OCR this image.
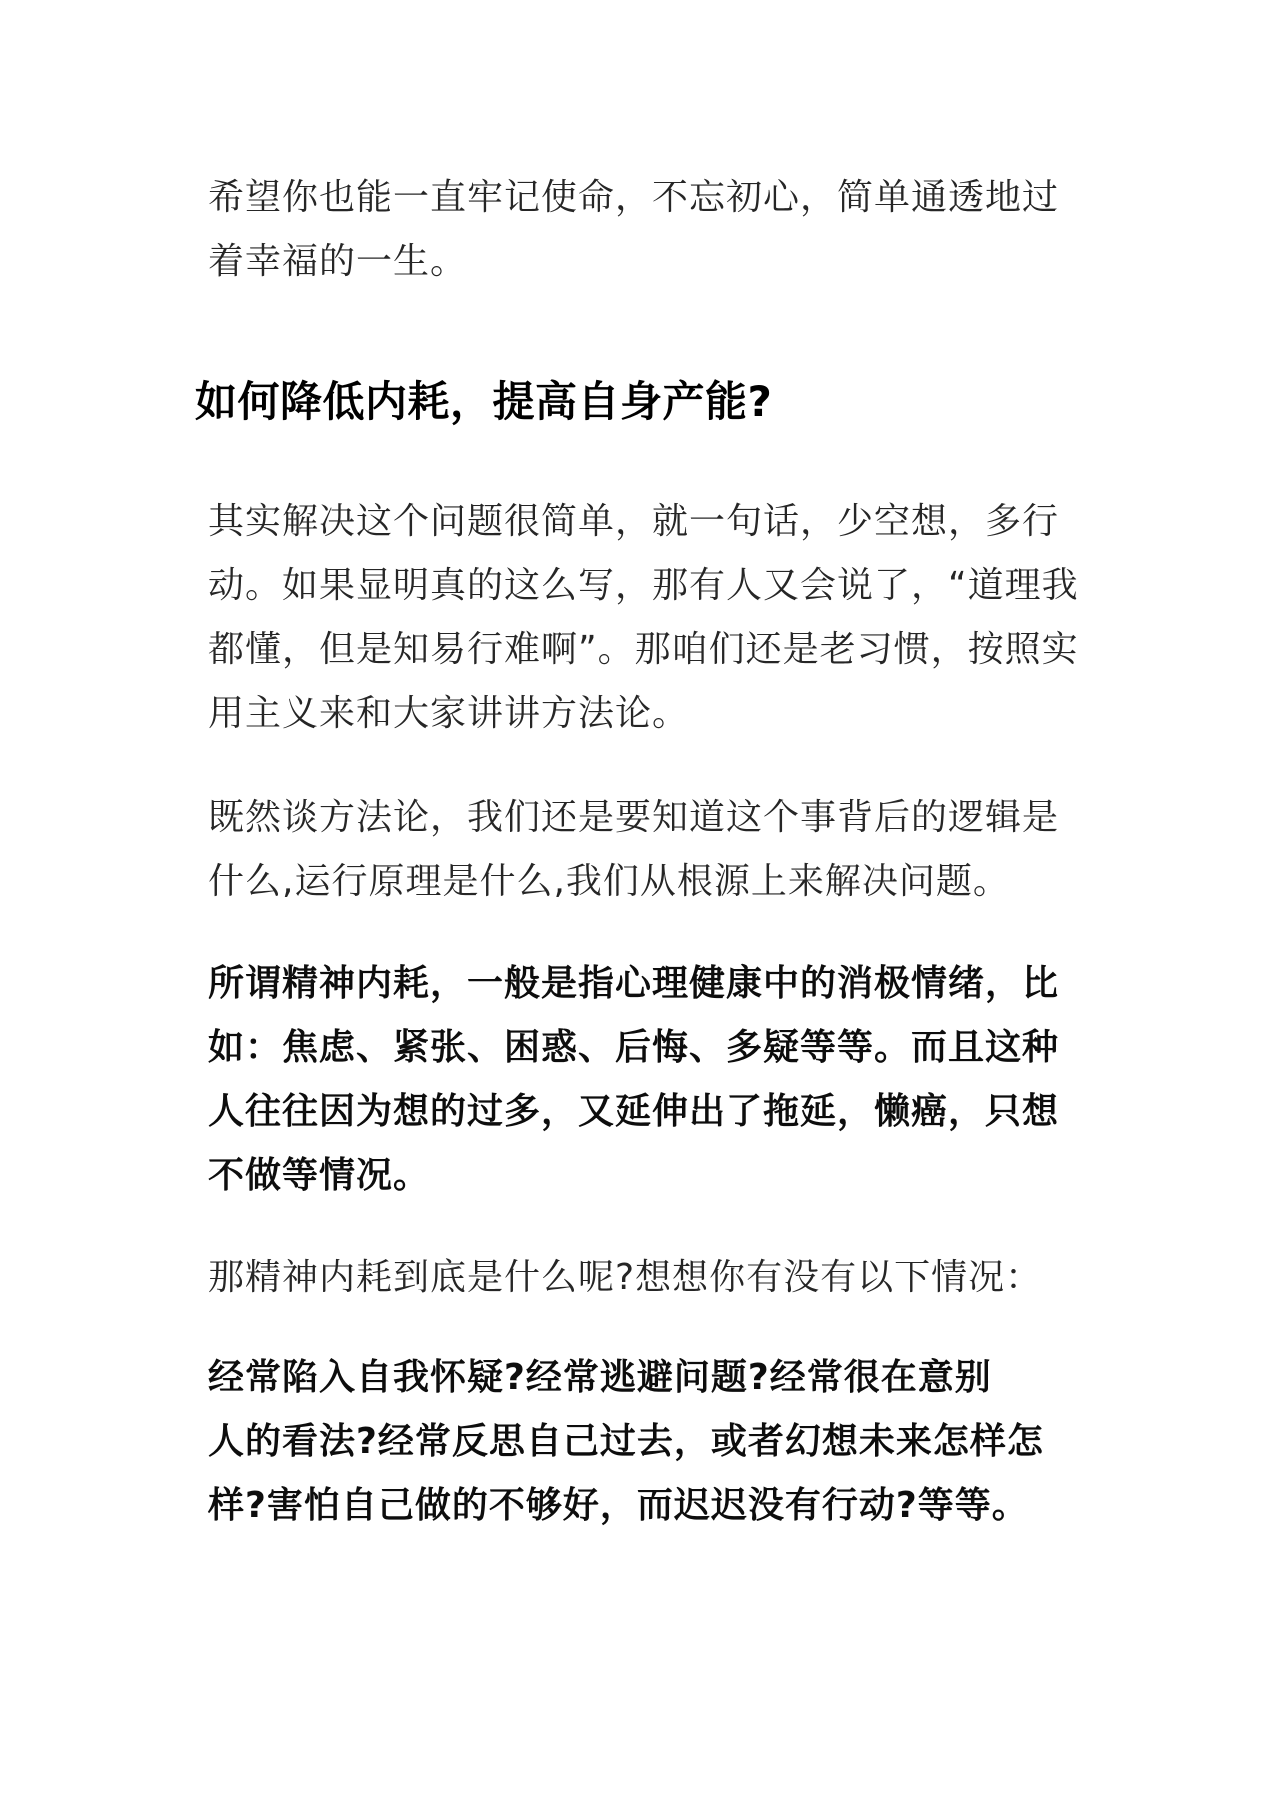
希望你也能一直牢记使命，不忘初心，简单通透地过
着幸福的一生。

如何降低内耗，提高自身产能?

其实解决这个问题很简单，就一句话，少空想，多行
动。如果显明真的这么写，那有人又会说了，“道理我
都懂，但是知易行难啊”。那咱们还是老习惯，按照实
用主义来和大家讲讲方法论。

既然谈方法论，我们还是要知道这个事背后的逻辑是
什么,运行原理是什么,我们从根源上来解决问题。

所谓精神内耗，一般是指心理健康中的消极情绪，比
如：焦虑、紧张、困惑、后悔、多疑等等。而且这种
人往往因为想的过多，又延伸出了拖延，懒癌，只想
不做等情况。

那精神内耗到底是什么呢?想想你有没有以下情况：

经常陷入自我怀疑?经常逃避问题?经常很在意别
人的看法?经常反思自己过去，或者幻想未来怎样怎
样?害怕自己做的不够好，而迟迟没有行动?等等。
